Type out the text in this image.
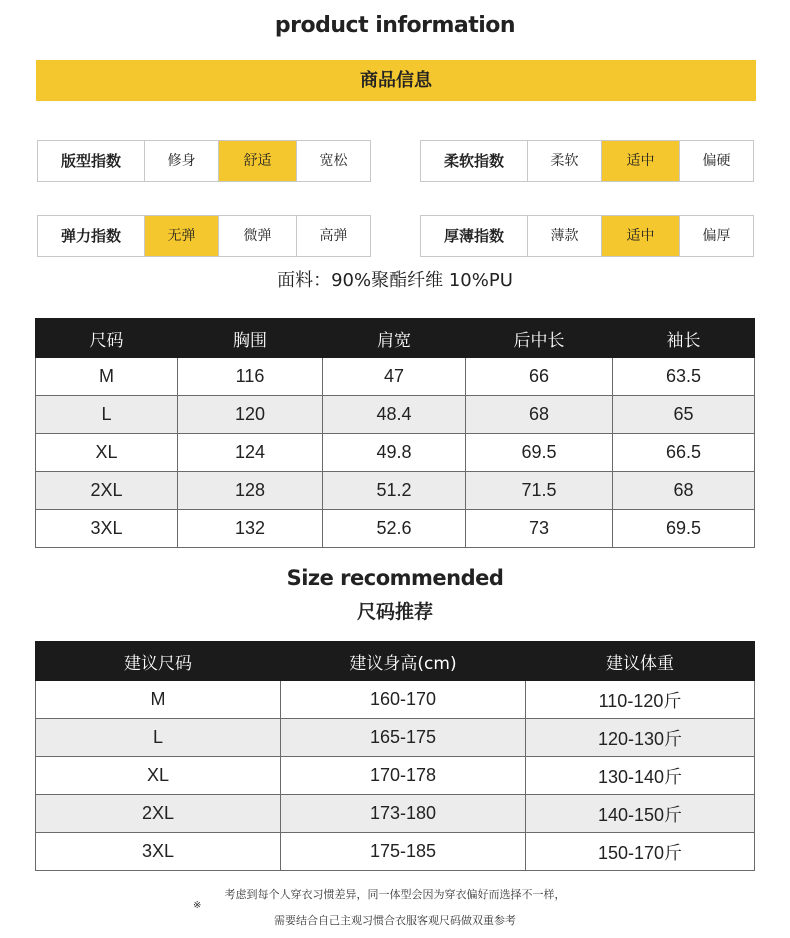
product information
商品信息
版型指数	修身	舒适	宽松	柔软指数	柔软	适中	偏硬
弹力指数	无弹	微弹	高弹	厚薄指数	薄款	适中	偏厚
面料：90%聚酯纤维 10%PU
尺码	胸围	肩宽	后中长	袖长
M	116	47	66	63.5
L	120	48.4	68	65
XL	124	49.8	69.5	66.5
2XL	128	51.2	71.5	68
3XL	132	52.6	73	69.5
Size recommended
尺码推荐
建议尺码	建议身高(cm)	建议体重
M	160-170	110-120斤
L	165-175	120-130斤
XL	170-178	130-140斤
2XL	173-180	140-150斤
3XL	175-185	150-170斤
考虑到每个人穿衣习惯差异，同一体型会因为穿衣偏好而选择不一样，
※
需要结合自己主观习惯合衣服客观尺码做双重参考
